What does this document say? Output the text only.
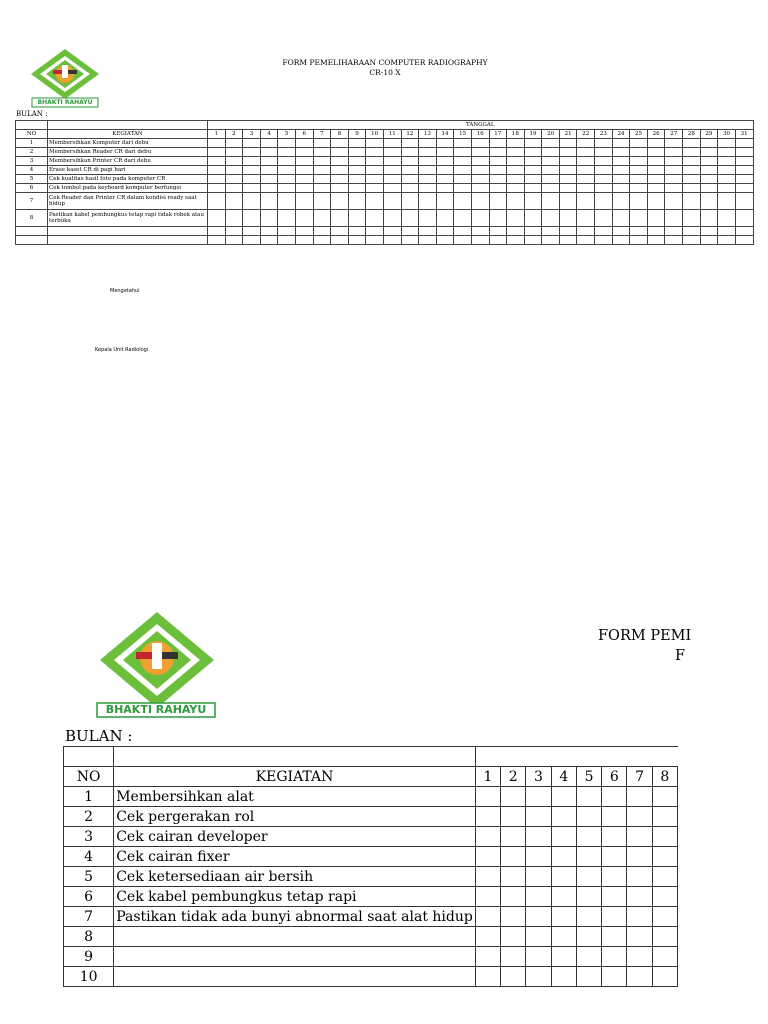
BHAKTI RAHAYU
FORM PEMELIHARAAN COMPUTER RADIOGRAPHY
CR-10 X
BULAN :
		TANGGAL																														
NO	KEGIATAN	1	2	3	4	5	6	7	8	9	10	11	12	13	14	15	16	17	18	19	20	21	22	23	24	25	26	27	28	29	30	31
1	Membersihkan Komputer dari debu																															
2	Membersihkan Reader CR dari debu																															
3	Membersihkan Printer CR dari debu																															
4	Erase kaset CR di pagi hari																															
5	Cek kualitas hasil foto pada komputer CR																															
6	Cek tombol pada keyboard komputer berfungsi																															
7	Cek Reader dan Printer CR dalam kondisi ready saat hidup																															
8	Pastikan kabel pembungkus tetap rapi tidak robek atau terbuka																															

Mengetahui
Kepala Unit Radiologi
BHAKTI RAHAYU
FORM PEMI
F
BULAN :

NO	KEGIATAN	1	2	3	4	5	6	7	8
1	Membersihkan alat								
2	Cek pergerakan rol								
3	Cek cairan developer								
4	Cek cairan fixer								
5	Cek ketersediaan air bersih								
6	Cek kabel pembungkus tetap rapi								
7	Pastikan tidak ada bunyi abnormal saat alat hidup								
8									
9									
10									
